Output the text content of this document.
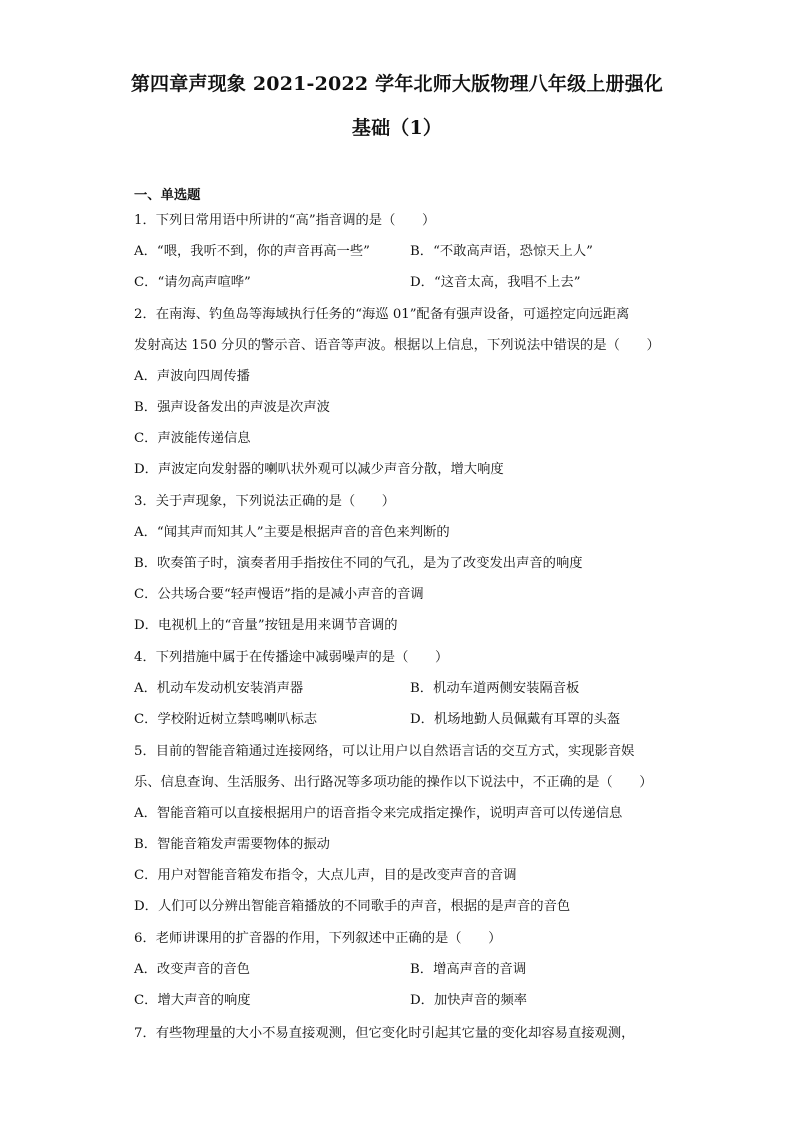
第四章声现象 2021-2022 学年北师大版物理八年级上册强化
基础（1）
一、单选题
1．下列日常用语中所讲的“高”指音调的是（　　）
A．“喂，我听不到，你的声音再高一些”	B．“不敢高声语，恐惊天上人”
C．“请勿高声喧哗”	D．“这音太高，我唱不上去”
2．在南海、钓鱼岛等海域执行任务的“海巡 01”配备有强声设备，可遥控定向远距离
发射高达 150 分贝的警示音、语音等声波。根据以上信息，下列说法中错误的是（　　）
A．声波向四周传播
B．强声设备发出的声波是次声波
C．声波能传递信息
D．声波定向发射器的喇叭状外观可以减少声音分散，增大响度
3．关于声现象，下列说法正确的是（　　）
A．“闻其声而知其人”主要是根据声音的音色来判断的
B．吹奏笛子时，演奏者用手指按住不同的气孔，是为了改变发出声音的响度
C．公共场合要“轻声慢语”指的是减小声音的音调
D．电视机上的“音量”按钮是用来调节音调的
4．下列措施中属于在传播途中减弱噪声的是（　　）
A．机动车发动机安装消声器	B．机动车道两侧安装隔音板
C．学校附近树立禁鸣喇叭标志	D．机场地勤人员佩戴有耳罩的头盔
5．目前的智能音箱通过连接网络，可以让用户以自然语言话的交互方式，实现影音娱
乐、信息查询、生活服务、出行路况等多项功能的操作以下说法中，不正确的是（　　）
A．智能音箱可以直接根据用户的语音指令来完成指定操作，说明声音可以传递信息
B．智能音箱发声需要物体的振动
C．用户对智能音箱发布指令，大点儿声，目的是改变声音的音调
D．人们可以分辨出智能音箱播放的不同歌手的声音，根据的是声音的音色
6．老师讲课用的扩音器的作用，下列叙述中正确的是（　　）
A．改变声音的音色	B．增高声音的音调
C．增大声音的响度	D．加快声音的频率
7．有些物理量的大小不易直接观测，但它变化时引起其它量的变化却容易直接观测，
